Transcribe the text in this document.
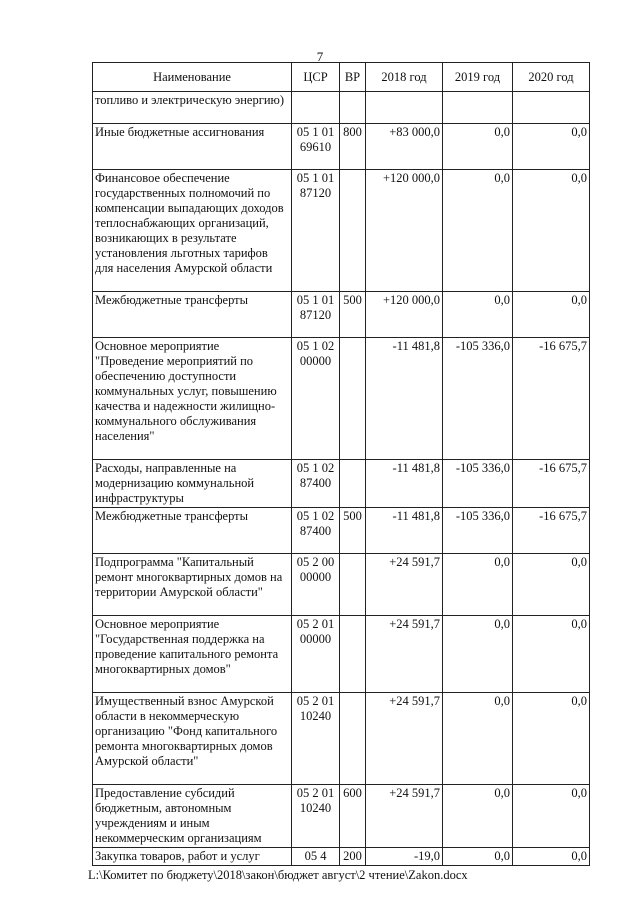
7
Наименование	ЦСР	ВР	2018 год	2019 год	2020 год
топливо и электрическую энергию)					
Иные бюджетные ассигнования	05 1 01 69610	800	+83 000,0	0,0	0,0
Финансовое обеспечение государственных полномочий по компенсации выпадающих доходов теплоснабжающих организаций, возникающих в результате установления льготных тарифов для населения Амурской области	05 1 01 87120		+120 000,0	0,0	0,0
Межбюджетные трансферты	05 1 01 87120	500	+120 000,0	0,0	0,0
Основное мероприятие "Проведение мероприятий по обеспечению доступности коммунальных услуг, повышению качества и надежности жилищно-коммунального обслуживания населения"	05 1 02 00000		-11 481,8	-105 336,0	-16 675,7
Расходы, направленные на модернизацию коммунальной инфраструктуры	05 1 02 87400		-11 481,8	-105 336,0	-16 675,7
Межбюджетные трансферты	05 1 02 87400	500	-11 481,8	-105 336,0	-16 675,7
Подпрограмма "Капитальный ремонт многоквартирных домов на территории Амурской области"	05 2 00 00000		+24 591,7	0,0	0,0
Основное мероприятие "Государственная поддержка на проведение капитального ремонта многоквартирных домов"	05 2 01 00000		+24 591,7	0,0	0,0
Имущественный взнос Амурской области в некоммерческую организацию "Фонд капитального ремонта многоквартирных домов Амурской области"	05 2 01 10240		+24 591,7	0,0	0,0
Предоставление субсидий бюджетным, автономным учреждениям и иным некоммерческим организациям	05 2 01 10240	600	+24 591,7	0,0	0,0
Закупка товаров, работ и услуг	05 4	200	-19,0	0,0	0,0
L:\Комитет по бюджету\2018\закон\бюджет август\2 чтение\Zakon.docx
